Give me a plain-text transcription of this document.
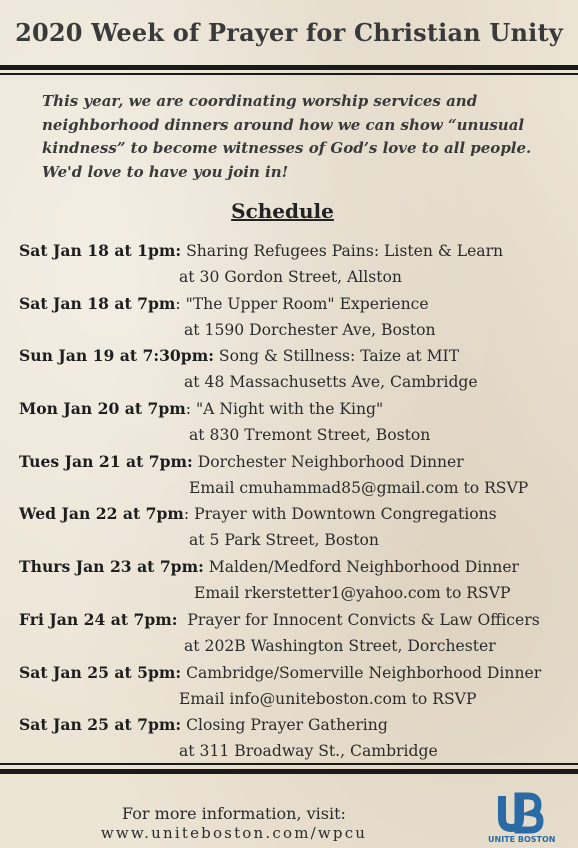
2020 Week of Prayer for Christian Unity
This year, we are coordinating worship services and
neighborhood dinners around how we can show “unusual
kindness” to become witnesses of God’s love to all people.
We'd love to have you join in!
Schedule
Sat Jan 18 at 1pm: Sharing Refugees Pains: Listen & Learn
at 30 Gordon Street, Allston
Sat Jan 18 at 7pm: "The Upper Room" Experience
at 1590 Dorchester Ave, Boston
Sun Jan 19 at 7:30pm: Song & Stillness: Taize at MIT
at 48 Massachusetts Ave, Cambridge
Mon Jan 20 at 7pm: "A Night with the King"
at 830 Tremont Street, Boston
Tues Jan 21 at 7pm: Dorchester Neighborhood Dinner
Email cmuhammad85@gmail.com to RSVP
Wed Jan 22 at 7pm: Prayer with Downtown Congregations
at 5 Park Street, Boston
Thurs Jan 23 at 7pm: Malden/Medford Neighborhood Dinner
Email rkerstetter1@yahoo.com to RSVP
Fri Jan 24 at 7pm:  Prayer for Innocent Convicts & Law Officers
at 202B Washington Street, Dorchester
Sat Jan 25 at 5pm: Cambridge/Somerville Neighborhood Dinner
Email info@uniteboston.com to RSVP
Sat Jan 25 at 7pm: Closing Prayer Gathering
at 311 Broadway St., Cambridge
For more information, visit:
www.uniteboston.com/wpcu	UNITE BOSTON
